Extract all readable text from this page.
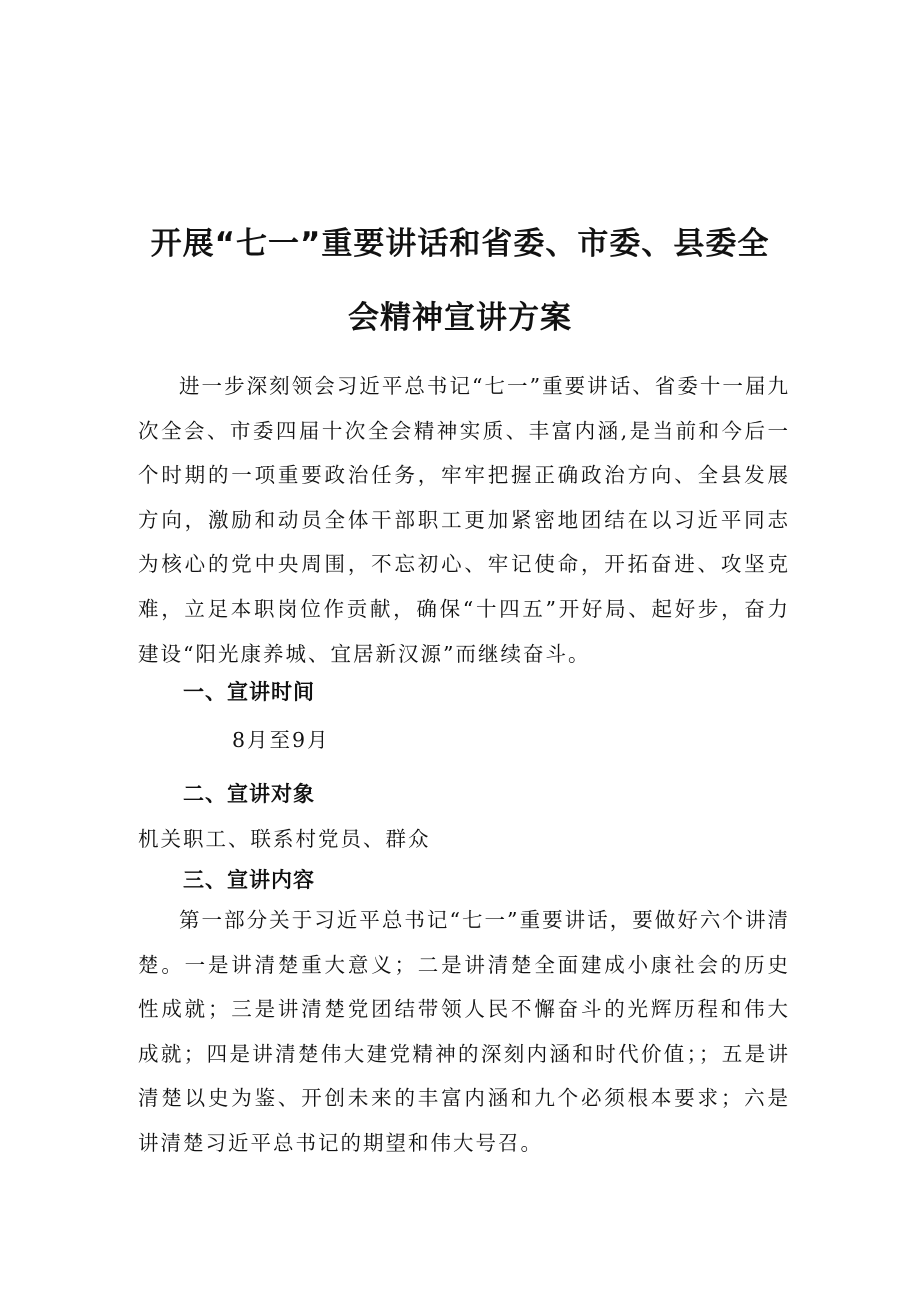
开展“七一”重要讲话和省委、市委、县委全
会精神宣讲方案

进一步深刻领会习近平总书记“七一”重要讲话、省委十一届九次全会、市委四届十次全会精神实质、丰富内涵,是当前和今后一个时期的一项重要政治任务，牢牢把握正确政治方向、全县发展方向，激励和动员全体干部职工更加紧密地团结在以习近平同志为核心的党中央周围，不忘初心、牢记使命，开拓奋进、攻坚克难，立足本职岗位作贡献，确保“十四五”开好局、起好步，奋力建设“阳光康养城、宜居新汉源”而继续奋斗。

一、宣讲时间
8月至9月
二、宣讲对象
机关职工、联系村党员、群众
三、宣讲内容

第一部分关于习近平总书记“七一”重要讲话，要做好六个讲清楚。一是讲清楚重大意义；二是讲清楚全面建成小康社会的历史性成就；三是讲清楚党团结带领人民不懈奋斗的光辉历程和伟大成就；四是讲清楚伟大建党精神的深刻内涵和时代价值；；五是讲清楚以史为鉴、开创未来的丰富内涵和九个必须根本要求；六是讲清楚习近平总书记的期望和伟大号召。
